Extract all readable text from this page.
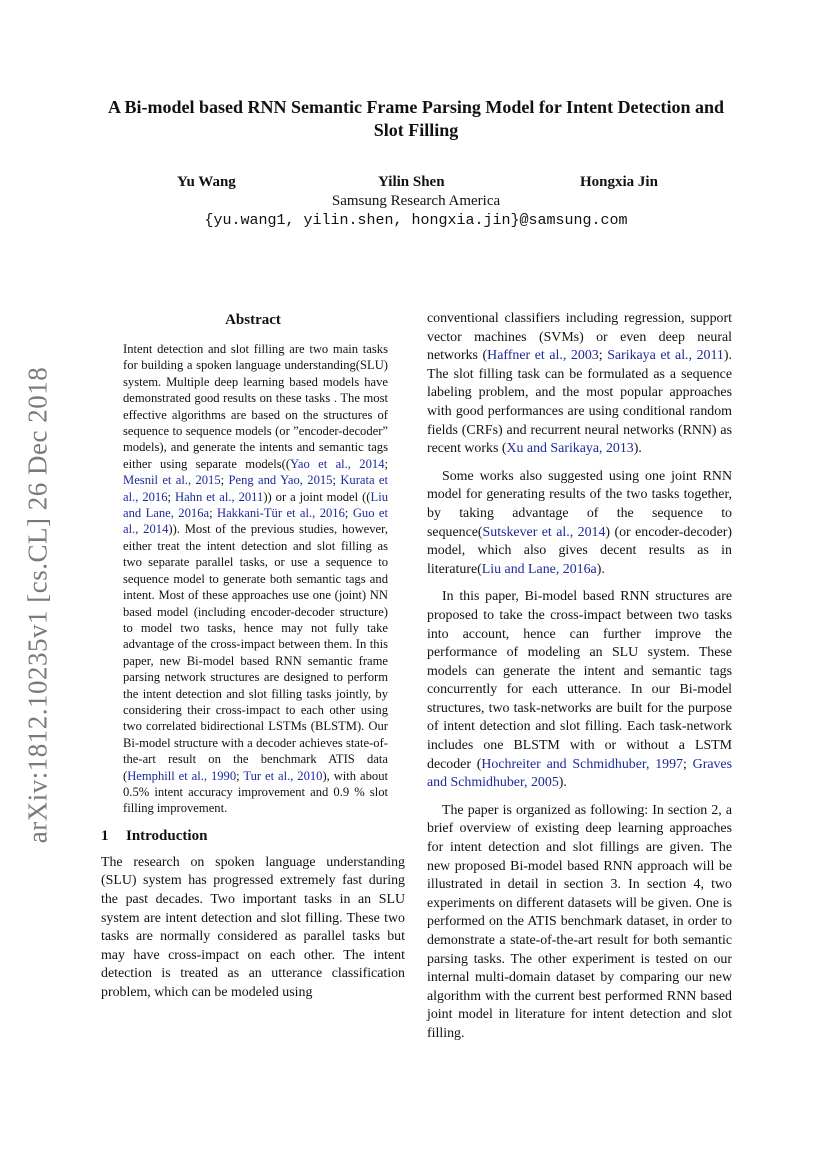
arXiv:1812.10235v1 [cs.CL] 26 Dec 2018
A Bi-model based RNN Semantic Frame Parsing Model for Intent Detection and Slot Filling
Yu Wang	Yilin Shen	Hongxia Jin
Samsung Research America
{yu.wang1, yilin.shen, hongxia.jin}@samsung.com
Abstract

Intent detection and slot filling are two main tasks for building a spoken language understanding(SLU) system. Multiple deep learning based models have demonstrated good results on these tasks . The most effective algorithms are based on the structures of sequence to sequence models (or ”encoder-decoder” models), and generate the intents and semantic tags either using separate models((Yao et al., 2014; Mesnil et al., 2015; Peng and Yao, 2015; Kurata et al., 2016; Hahn et al., 2011)) or a joint model ((Liu and Lane, 2016a; Hakkani-Tür et al., 2016; Guo et al., 2014)). Most of the previous studies, however, either treat the intent detection and slot filling as two separate parallel tasks, or use a sequence to sequence model to generate both semantic tags and intent. Most of these approaches use one (joint) NN based model (including encoder-decoder structure) to model two tasks, hence may not fully take advantage of the cross-impact between them. In this paper, new Bi-model based RNN semantic frame parsing network structures are designed to perform the intent detection and slot filling tasks jointly, by considering their cross-impact to each other using two correlated bidirectional LSTMs (BLSTM). Our Bi-model structure with a decoder achieves state-of-the-art result on the benchmark ATIS data (Hemphill et al., 1990; Tur et al., 2010), with about 0.5% intent accuracy improvement and 0.9 % slot filling improvement.

1 Introduction

The research on spoken language understanding (SLU) system has progressed extremely fast during the past decades. Two important tasks in an SLU system are intent detection and slot filling. These two tasks are normally considered as parallel tasks but may have cross-impact on each other. The intent detection is treated as an utterance classification problem, which can be modeled using

conventional classifiers including regression, support vector machines (SVMs) or even deep neural networks (Haffner et al., 2003; Sarikaya et al., 2011). The slot filling task can be formulated as a sequence labeling problem, and the most popular approaches with good performances are using conditional random fields (CRFs) and recurrent neural networks (RNN) as recent works (Xu and Sarikaya, 2013).

Some works also suggested using one joint RNN model for generating results of the two tasks together, by taking advantage of the sequence to sequence(Sutskever et al., 2014) (or encoder-decoder) model, which also gives decent results as in literature(Liu and Lane, 2016a).

In this paper, Bi-model based RNN structures are proposed to take the cross-impact between two tasks into account, hence can further improve the performance of modeling an SLU system. These models can generate the intent and semantic tags concurrently for each utterance. In our Bi-model structures, two task-networks are built for the purpose of intent detection and slot filling. Each task-network includes one BLSTM with or without a LSTM decoder (Hochreiter and Schmidhuber, 1997; Graves and Schmidhuber, 2005).

The paper is organized as following: In section 2, a brief overview of existing deep learning approaches for intent detection and slot fillings are given. The new proposed Bi-model based RNN approach will be illustrated in detail in section 3. In section 4, two experiments on different datasets will be given. One is performed on the ATIS benchmark dataset, in order to demonstrate a state-of-the-art result for both semantic parsing tasks. The other experiment is tested on our internal multi-domain dataset by comparing our new algorithm with the current best performed RNN based joint model in literature for intent detection and slot filling.
